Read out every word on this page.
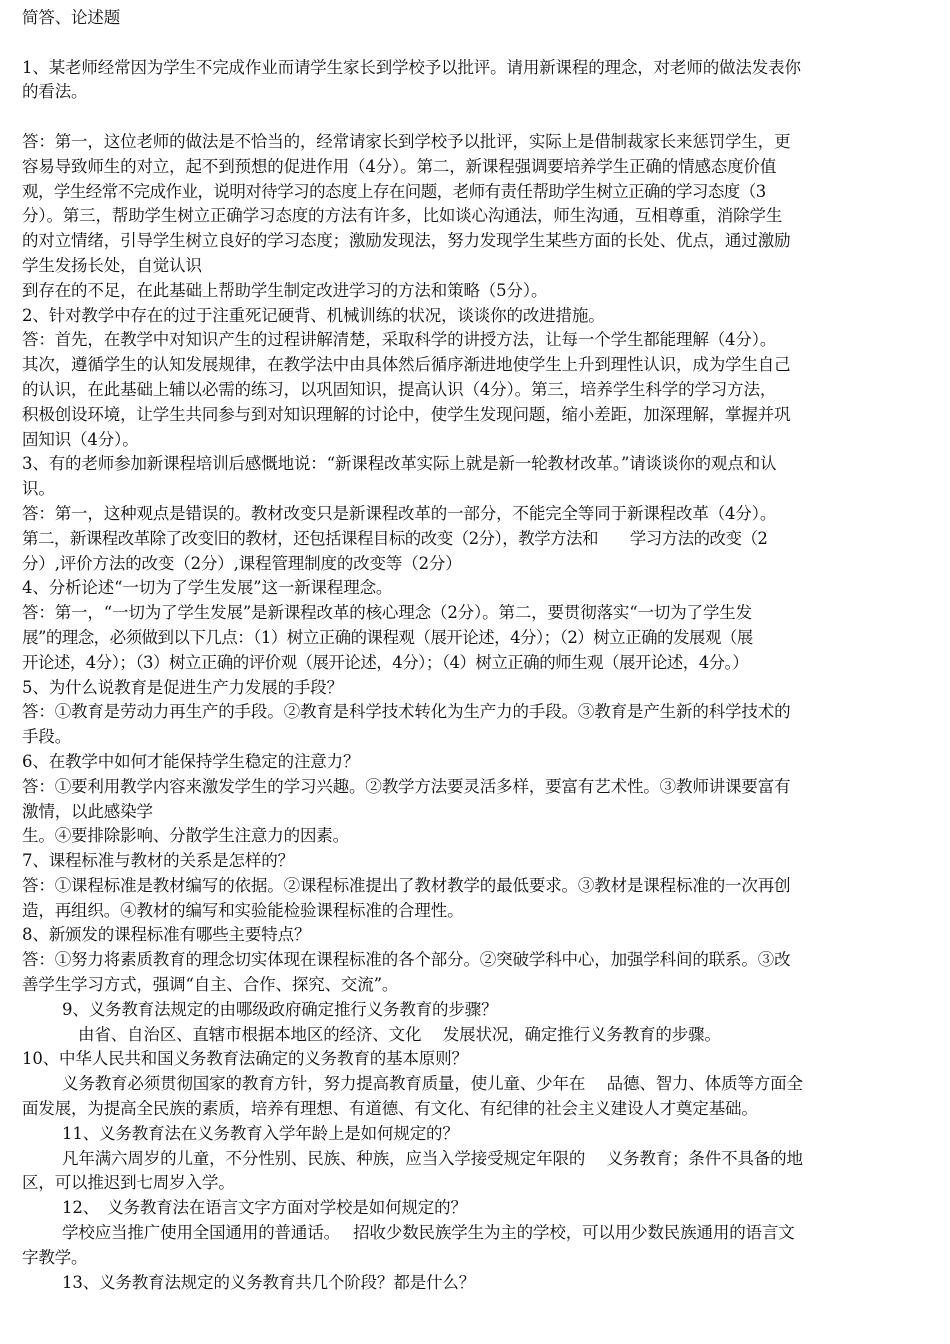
简答、论述题

1、某老师经常因为学生不完成作业而请学生家长到学校予以批评。请用新课程的理念，对老师的做法发表你

的看法。

答：第一，这位老师的做法是不恰当的，经常请家长到学校予以批评，实际上是借制裁家长来惩罚学生，更

容易导致师生的对立，起不到预想的促进作用（4分）。第二，新课程强调要培养学生正确的情感态度价值

观，学生经常不完成作业，说明对待学习的态度上存在问题，老师有责任帮助学生树立正确的学习态度（3

分）。第三，帮助学生树立正确学习态度的方法有许多，比如谈心沟通法，师生沟通，互相尊重，消除学生

的对立情绪，引导学生树立良好的学习态度；激励发现法，努力发现学生某些方面的长处、优点，通过激励

学生发扬长处，自觉认识

到存在的不足，在此基础上帮助学生制定改进学习的方法和策略（5分）。

2、针对教学中存在的过于注重死记硬背、机械训练的状况，谈谈你的改进措施。

答：首先，在教学中对知识产生的过程讲解清楚，采取科学的讲授方法，让每一个学生都能理解（4分）。

其次，遵循学生的认知发展规律，在教学法中由具体然后循序渐进地使学生上升到理性认识，成为学生自己

的认识，在此基础上辅以必需的练习，以巩固知识，提高认识（4分）。第三，培养学生科学的学习方法，

积极创设环境，让学生共同参与到对知识理解的讨论中，使学生发现问题，缩小差距，加深理解，掌握并巩

固知识（4分）。

3、有的老师参加新课程培训后感慨地说：“新课程改革实际上就是新一轮教材改革。”请谈谈你的观点和认

识。

答：第一，这种观点是错误的。教材改变只是新课程改革的一部分，不能完全等同于新课程改革（4分）。

第二，新课程改革除了改变旧的教材，还包括课程目标的改变（2分），教学方法和　　学习方法的改变（2

分）,评价方法的改变（2分）,课程管理制度的改变等（2分）

4、分析论述“一切为了学生发展”这一新课程理念。

答：第一，“一切为了学生发展”是新课程改革的核心理念（2分）。第二，要贯彻落实“一切为了学生发

展”的理念，必须做到以下几点：（1）树立正确的课程观（展开论述，4分）；（2）树立正确的发展观（展

开论述，4分）；（3）树立正确的评价观（展开论述，4分）；（4）树立正确的师生观（展开论述，4分。）

5、为什么说教育是促进生产力发展的手段？

答：①教育是劳动力再生产的手段。②教育是科学技术转化为生产力的手段。③教育是产生新的科学技术的

手段。

6、在教学中如何才能保持学生稳定的注意力？

答：①要利用教学内容来激发学生的学习兴趣。②教学方法要灵活多样，要富有艺术性。③教师讲课要富有

激情，以此感染学

生。④要排除影响、分散学生注意力的因素。

7、课程标准与教材的关系是怎样的？

答：①课程标准是教材编写的依据。②课程标准提出了教材教学的最低要求。③教材是课程标准的一次再创

造，再组织。④教材的编写和实验能检验课程标准的合理性。

8、新颁发的课程标准有哪些主要特点？

答：①努力将素质教育的理念切实体现在课程标准的各个部分。②突破学科中心，加强学科间的联系。③改

善学生学习方式，强调“自主、合作、探究、交流”。

9、义务教育法规定的由哪级政府确定推行义务教育的步骤？

由省、自治区、直辖市根据本地区的经济、文化　 发展状况，确定推行义务教育的步骤。

10、中华人民共和国义务教育法确定的义务教育的基本原则？

义务教育必须贯彻国家的教育方针，努力提高教育质量，使儿童、少年在　 品德、智力、体质等方面全

面发展，为提高全民族的素质，培养有理想、有道德、有文化、有纪律的社会主义建设人才奠定基础。

11、义务教育法在义务教育入学年龄上是如何规定的？

凡年满六周岁的儿童，不分性别、民族、种族，应当入学接受规定年限的　 义务教育；条件不具备的地

区，可以推迟到七周岁入学。

12、　义务教育法在语言文字方面对学校是如何规定的？

学校应当推广使用全国通用的普通话。　 招收少数民族学生为主的学校，可以用少数民族通用的语言文

字教学。

13、义务教育法规定的义务教育共几个阶段？都是什么？
